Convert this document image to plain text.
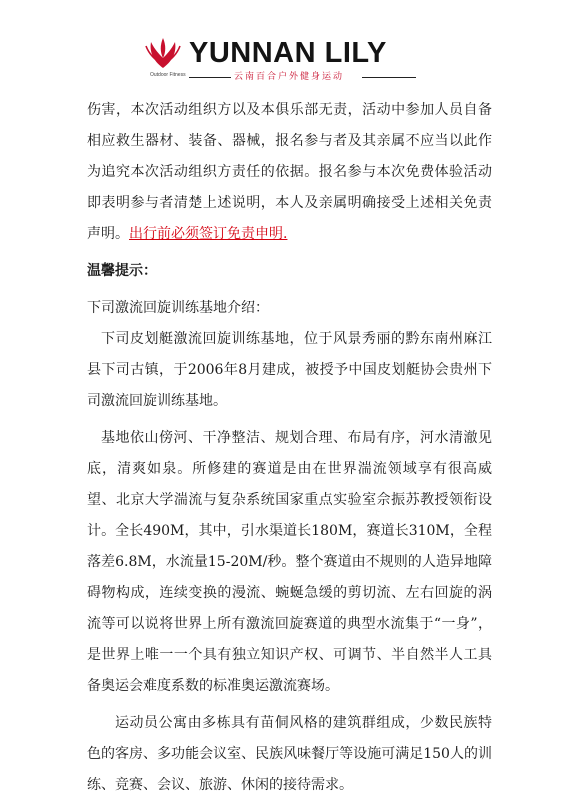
YUNNAN LILY
Outdoor Fitness	云南百合户外健身运动

伤害，本次活动组织方以及本俱乐部无责，活动中参加人员自备相应救生器材、装备、器械，报名参与者及其亲属不应当以此作为追究本次活动组织方责任的依据。报名参与本次免费体验活动即表明参与者清楚上述说明，本人及亲属明确接受上述相关免责声明。出行前必须签订免责申明.

温馨提示：

下司激流回旋训练基地介绍：

下司皮划艇激流回旋训练基地，位于风景秀丽的黔东南州麻江县下司古镇，于2006年8月建成，被授予中国皮划艇协会贵州下司激流回旋训练基地。

基地依山傍河、干净整洁、规划合理、布局有序，河水清澈见底，清爽如泉。所修建的赛道是由在世界湍流领域享有很高威望、北京大学湍流与复杂系统国家重点实验室佘振苏教授领衔设计。全长490M，其中，引水渠道长180M，赛道长310M，全程落差6.8M，水流量15-20M/秒。整个赛道由不规则的人造异地障碍物构成，连续变换的漫流、蜿蜒急缓的剪切流、左右回旋的涡流等可以说将世界上所有激流回旋赛道的典型水流集于“一身”，是世界上唯一一个具有独立知识产权、可调节、半自然半人工具备奥运会难度系数的标准奥运激流赛场。

运动员公寓由多栋具有苗侗风格的建筑群组成，少数民族特色的客房、多功能会议室、民族风味餐厅等设施可满足150人的训练、竞赛、会议、旅游、休闲的接待需求。
